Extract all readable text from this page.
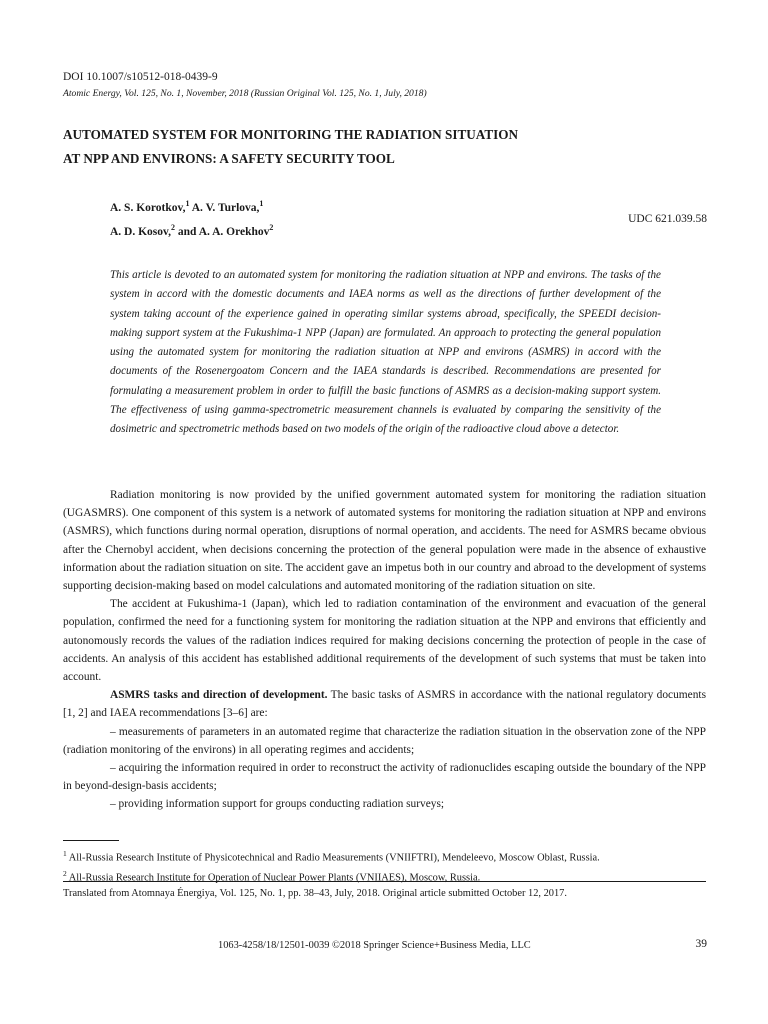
DOI 10.1007/s10512-018-0439-9
Atomic Energy, Vol. 125, No. 1, November, 2018 (Russian Original Vol. 125, No. 1, July, 2018)
AUTOMATED SYSTEM FOR MONITORING THE RADIATION SITUATION
AT NPP AND ENVIRONS: A SAFETY SECURITY TOOL
A. S. Korotkov,$^1$ A. V. Turlova,$^1$
A. D. Kosov,$^2$ and A. A. Orekhov$^2$
UDC 621.039.58
This article is devoted to an automated system for monitoring the radiation situation at NPP and environs. The tasks of the system in accord with the domestic documents and IAEA norms as well as the directions of further development of the system taking account of the experience gained in operating similar systems abroad, specifically, the SPEEDI decision-making support system at the Fukushima-1 NPP (Japan) are formulated. An approach to protecting the general population using the automated system for monitoring the radiation situation at NPP and environs (ASMRS) in accord with the documents of the Rosenergoatom Concern and the IAEA standards is described. Recommendations are presented for formulating a measurement problem in order to fulfill the basic functions of ASMRS as a decision-making support system. The effectiveness of using gamma-spectrometric measurement channels is evaluated by comparing the sensitivity of the dosimetric and spectrometric methods based on two models of the origin of the radioactive cloud above a detector.

Radiation monitoring is now provided by the unified government automated system for monitoring the radiation situation (UGASMRS). One component of this system is a network of automated systems for monitoring the radiation situation at NPP and environs (ASMRS), which functions during normal operation, disruptions of normal operation, and accidents. The need for ASMRS became obvious after the Chernobyl accident, when decisions concerning the protection of the general population were made in the absence of exhaustive information about the radiation situation on site. The accident gave an impetus both in our country and abroad to the development of systems supporting decision-making based on model calculations and automated monitoring of the radiation situation on site.

The accident at Fukushima-1 (Japan), which led to radiation contamination of the environment and evacuation of the general population, confirmed the need for a functioning system for monitoring the radiation situation at the NPP and environs that efficiently and autonomously records the values of the radiation indices required for making decisions concerning the protection of people in the case of accidents. An analysis of this accident has established additional requirements of the development of such systems that must be taken into account.

ASMRS tasks and direction of development. The basic tasks of ASMRS in accordance with the national regulatory documents [1, 2] and IAEA recommendations [3–6] are:

– measurements of parameters in an automated regime that characterize the radiation situation in the observation zone of the NPP (radiation monitoring of the environs) in all operating regimes and accidents;

– acquiring the information required in order to reconstruct the activity of radionuclides escaping outside the boundary of the NPP in beyond-design-basis accidents;

– providing information support for groups conducting radiation surveys;

$^1$ All-Russia Research Institute of Physicotechnical and Radio Measurements (VNIIFTRI), Mendeleevo, Moscow Oblast, Russia.
$^2$ All-Russia Research Institute for Operation of Nuclear Power Plants (VNIIAES), Moscow, Russia.
Translated from Atomnaya Énergiya, Vol. 125, No. 1, pp. 38–43, July, 2018. Original article submitted October 12, 2017.
1063-4258/18/12501-0039 ©2018 Springer Science+Business Media, LLC	39
